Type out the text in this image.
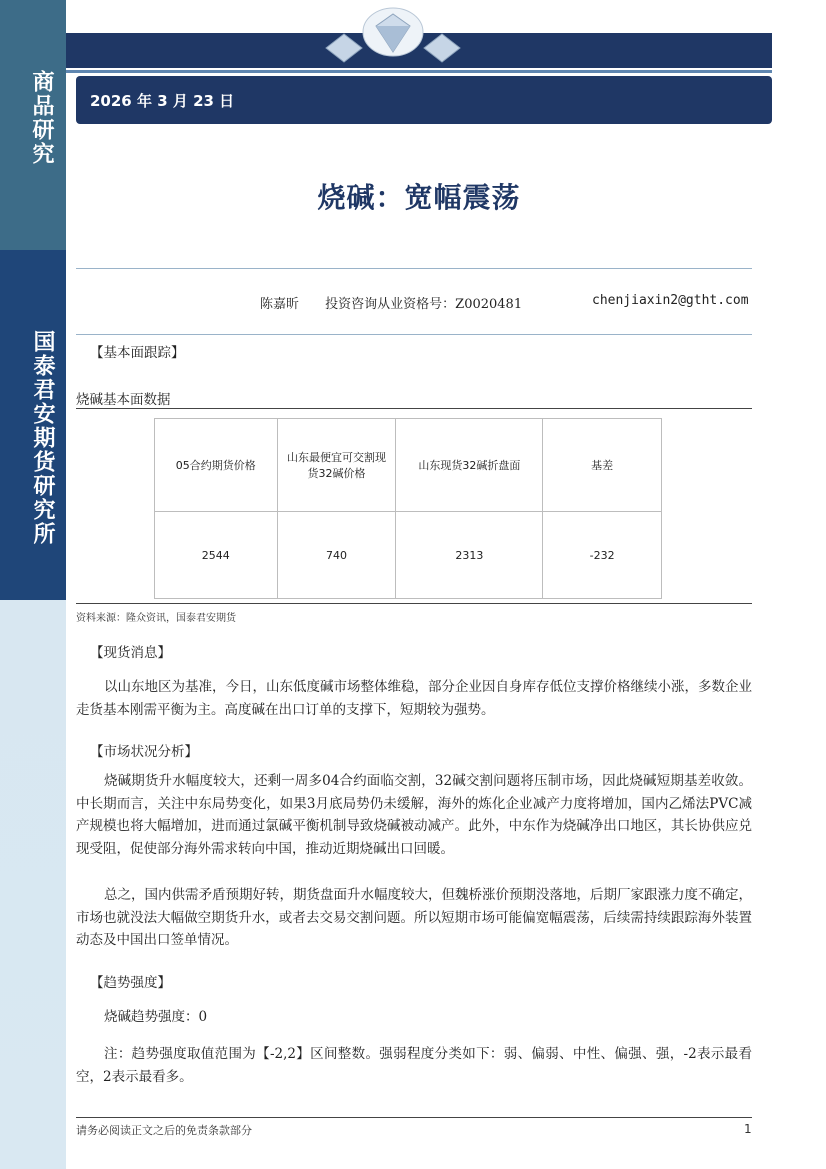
商品研究
国泰君安期货研究所
2026 年 3 月 23 日
烧碱：宽幅震荡
陈嘉昕 投资咨询从业资格号：Z0020481	chenjiaxin2@gtht.com
【基本面跟踪】
烧碱基本面数据
05合约期货价格	山东最便宜可交割现货32碱价格	山东现货32碱折盘面	基差
2544	740	2313	-232
资料来源：隆众资讯，国泰君安期货
【现货消息】
以山东地区为基准，今日，山东低度碱市场整体维稳，部分企业因自身库存低位支撑价格继续小涨，多数企业走货基本刚需平衡为主。高度碱在出口订单的支撑下，短期较为强势。
【市场状况分析】
烧碱期货升水幅度较大，还剩一周多04合约面临交割，32碱交割问题将压制市场，因此烧碱短期基差收敛。中长期而言，关注中东局势变化，如果3月底局势仍未缓解，海外的炼化企业减产力度将增加，国内乙烯法PVC减产规模也将大幅增加，进而通过氯碱平衡机制导致烧碱被动减产。此外，中东作为烧碱净出口地区，其长协供应兑现受阻，促使部分海外需求转向中国，推动近期烧碱出口回暖。
总之，国内供需矛盾预期好转，期货盘面升水幅度较大，但魏桥涨价预期没落地，后期厂家跟涨力度不确定，市场也就没法大幅做空期货升水，或者去交易交割问题。所以短期市场可能偏宽幅震荡，后续需持续跟踪海外装置动态及中国出口签单情况。
【趋势强度】
烧碱趋势强度：0
注：趋势强度取值范围为【-2,2】区间整数。强弱程度分类如下：弱、偏弱、中性、偏强、强，-2表示最看空，2表示最看多。
请务必阅读正文之后的免责条款部分	1
